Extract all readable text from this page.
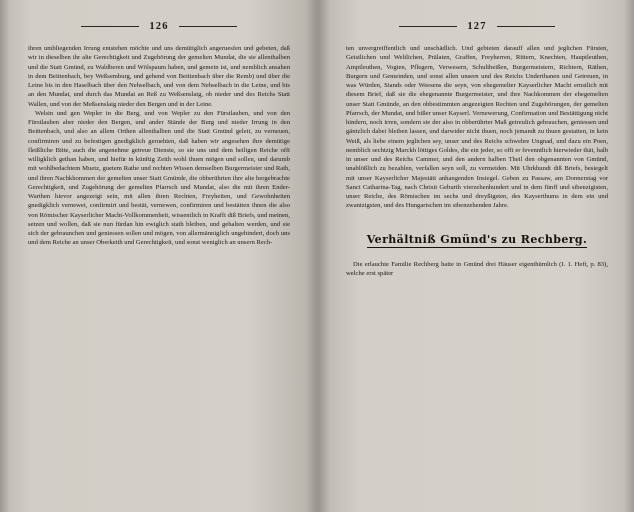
126

ihren umbliegenden Irrung entstehen möchte und uns demütiglich angeruesfen und gebeten, daß wir in dieselben ihr alte Gerechtigkeit und Zugehörung der gemelten Mundat, die sie allenthalben und die Statt Gmünd, zu Waldberen und Wölspaum haben, und gemein ist, und nemblich ansahen in dem Beittenbach, bey Weßsemburg, und gehend von Beittenbach über die Remb) und über die Leine bis in den Haselbach über den Nehselbach, und von dem Nehselbach in die Leine, und bis an den Mundat, und durch das Mundat an Reß zu Weßsenslaig, ob nieder und des Reichs Statt Wallen, und von der Meßsenslaig nieder den Bergen und in der Leine.

Welsin und gen Wepler in die Berg, und von Wepler zu den Fürstlauben, und von den Fürstlauben aber nieder den Bergen, und ander Stände der Burg und nieder Irrung in den Beittenbach, und also an allem Orthen allenthalben und die Statt Gmünd geleit, zu verneuen, confirmiren und zu befestigen gnedigklich geruehten, daß haben wir angesehen ihre demütige fleißliche Bitte, auch die angenehme getreue Dienste, so sie uns und dem heiligen Reiche offt willigklich gethan haben, und hiefür in künftig Zeith wohl thuen mögen und sollen, und darumb mit wohlbedachtem Muetz, guetem Rathe und rechten Wissen demselben Burgermeister und Rath, und ihren Nachkhommen der gemelten unser Statt Gmünde, die obberührten ihre alte hergebrachte Gerechtigkeit, und Zugehörung der gemelten Pfarrsch und Mundat, also die mit ihren Ender-Warthen hievor angezeigt sein, mit allen ihren Rechten, Freyheiten, und Gewohnheiten gnedigklich vernewet, confirmirt und bestät, vernewen, confirmiren und bestätten ihnen die also von Römischer Kayserlicher Macht-Vollkommenheit, wissentlich in Krafft diß Briefs, und meinen, setzen und wollen, daß sie nun fürdan hin ewiglich stath bleiben, und gehalten werden, und sie sich der gebraunchen und geniessen sollen und mögen, von allermänniglich ungehindert, doch uns und dem Reiche an unser Oberkeith und Gerechtigkeit, und sonst weniglich an unsern Rech-

127

ten unvergreiffentlich und unschädlich. Und gebieten darauff allen und jeglichen Fürsten, Geistlichen und Weltlichen, Prälaten, Graffen, Freyherren, Rittern, Knechten, Hauptleuthen, Amptleuthen, Vogten, Pflegern, Verwesern, Schultheißen, Burgermeistern, Richtern, Räthen, Burgern und Gemeinden, und sonst allen unsern und des Reichs Underthanen und Getreuen, in was Würden, Stands oder Weesens die seyn, von ehegemelter Kayserlicher Macht ernstlich mit diesem Brief, daß sie die ehegenannte Burgermeister, und ihre Nachkommen der ehegemelten unser Statt Gmünde, an den obbestimmten angezeigten Rechten und Zugehörungen, der gemelten Pfarrsch, der Mundat, und bißer unser Kayserl. Vernewerung, Confirmation und Bestättigung nicht hindern, noch irren, sondern sie der also in obberührter Maß getreulich gebrauchen, geniessen und gäntzlich dabei bleiben lassen, und darwider nicht thuen, noch jemandt zu thuen gestatten, in kein Weiß, als liebe einem jeglichen sey, unser und des Reichs schwehre Ungnad, und dazu ein Poen, nemblich sechtzig Marckh löttiges Goldes, die ein jeder, so offt er fevenntlich hierwieder thät, halb in unser und des Reichs Cammer, und den andern halben Theil den obgenannten von Gmünd, unablößlich zu bezahlen, verfallen seyn soll, zu vermeiden. Mit Uhrkhundt diß Briefs, besiegelt mit unser Kayserlicher Majestätt anhangenden Insiegel. Geben zu Passaw, am Donnerstag vor Sanct Catharina-Tag, nach Christi Geburth vierzehenhundert und in dem fünff und sibenzigisten, unser Reiche, des Römischen im sechs und dreyßigsten, des Kayserthums in dem ein und zwantzigsten, und des Hungarischen im sibenzehenden Jahre.

Verhältniß Gmünd's zu Rechberg.

Die erlauchte Familie Rechberg hatte in Gmünd drei Häuser eigenthümlich (I. 1. Heft, p. 83), welche erst später
